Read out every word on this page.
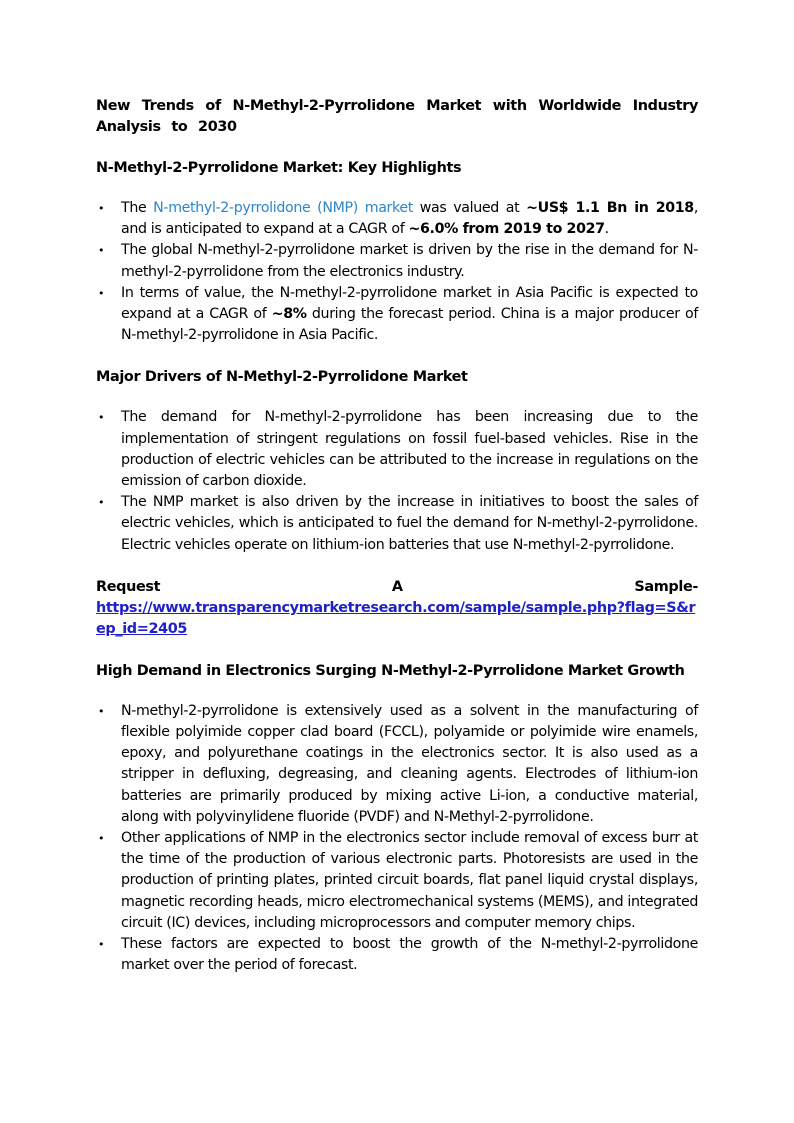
New Trends of N-Methyl-2-Pyrrolidone Market with Worldwide Industry
Analysis to 2030
N-Methyl-2-Pyrrolidone Market: Key Highlights
• The N-methyl-2-pyrrolidone (NMP) market was valued at ~US$ 1.1 Bn in 2018, and is anticipated to expand at a CAGR of ~6.0% from 2019 to 2027.
• The global N-methyl-2-pyrrolidone market is driven by the rise in the demand for N-methyl-2-pyrrolidone from the electronics industry.
• In terms of value, the N-methyl-2-pyrrolidone market in Asia Pacific is expected to expand at a CAGR of ~8% during the forecast period. China is a major producer of N-methyl-2-pyrrolidone in Asia Pacific.
Major Drivers of N-Methyl-2-Pyrrolidone Market
• The demand for N-methyl-2-pyrrolidone has been increasing due to the implementation of stringent regulations on fossil fuel-based vehicles. Rise in the production of electric vehicles can be attributed to the increase in regulations on the emission of carbon dioxide.
• The NMP market is also driven by the increase in initiatives to boost the sales of electric vehicles, which is anticipated to fuel the demand for N-methyl-2-pyrrolidone. Electric vehicles operate on lithium-ion batteries that use N-methyl-2-pyrrolidone.
Request	A	Sample-
https://www.transparencymarketresearch.com/sample/sample.php?flag=S&rep_id=2405
High Demand in Electronics Surging N-Methyl-2-Pyrrolidone Market Growth
• N-methyl-2-pyrrolidone is extensively used as a solvent in the manufacturing of flexible polyimide copper clad board (FCCL), polyamide or polyimide wire enamels, epoxy, and polyurethane coatings in the electronics sector. It is also used as a stripper in defluxing, degreasing, and cleaning agents. Electrodes of lithium-ion batteries are primarily produced by mixing active Li-ion, a conductive material, along with polyvinylidene fluoride (PVDF) and N-Methyl-2-pyrrolidone.
• Other applications of NMP in the electronics sector include removal of excess burr at the time of the production of various electronic parts. Photoresists are used in the production of printing plates, printed circuit boards, flat panel liquid crystal displays, magnetic recording heads, micro electromechanical systems (MEMS), and integrated circuit (IC) devices, including microprocessors and computer memory chips.
• These factors are expected to boost the growth of the N-methyl-2-pyrrolidone market over the period of forecast.
